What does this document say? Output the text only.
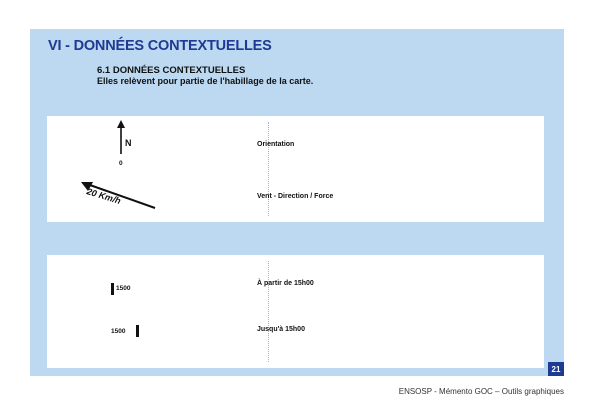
VI - DONNÉES CONTEXTUELLES
6.1 DONNÉES CONTEXTUELLES
Elles relèvent pour partie de l'habillage de la carte.
N
0
20 Km/h
Orientation
Vent - Direction / Force
1500
1500
À partir de 15h00
Jusqu'à 15h00
21
ENSOSP - Mémento GOC – Outils graphiques
